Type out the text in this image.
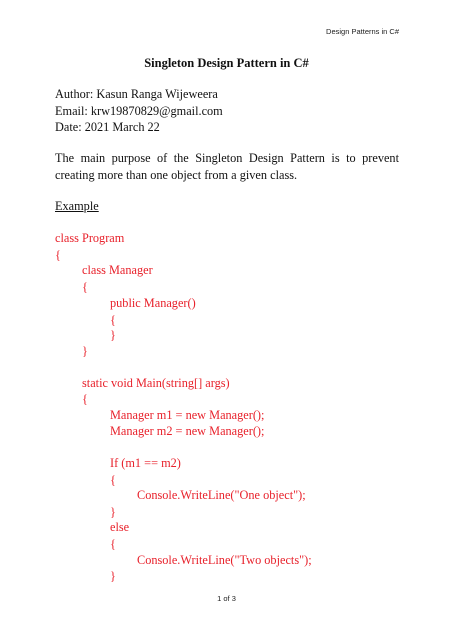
Design Patterns in C#
Singleton Design Pattern in C#
Author: Kasun Ranga Wijeweera
Email: krw19870829@gmail.com
Date: 2021 March 22
The main purpose of the Singleton Design Pattern is to prevent
creating more than one object from a given class.
Example
class Program
{
class Manager
{
public Manager()
{
}
}
static void Main(string[] args)
{
Manager m1 = new Manager();
Manager m2 = new Manager();
If (m1 == m2)
{
Console.WriteLine("One object");
}
else
{
Console.WriteLine("Two objects");
}
1 of 3
